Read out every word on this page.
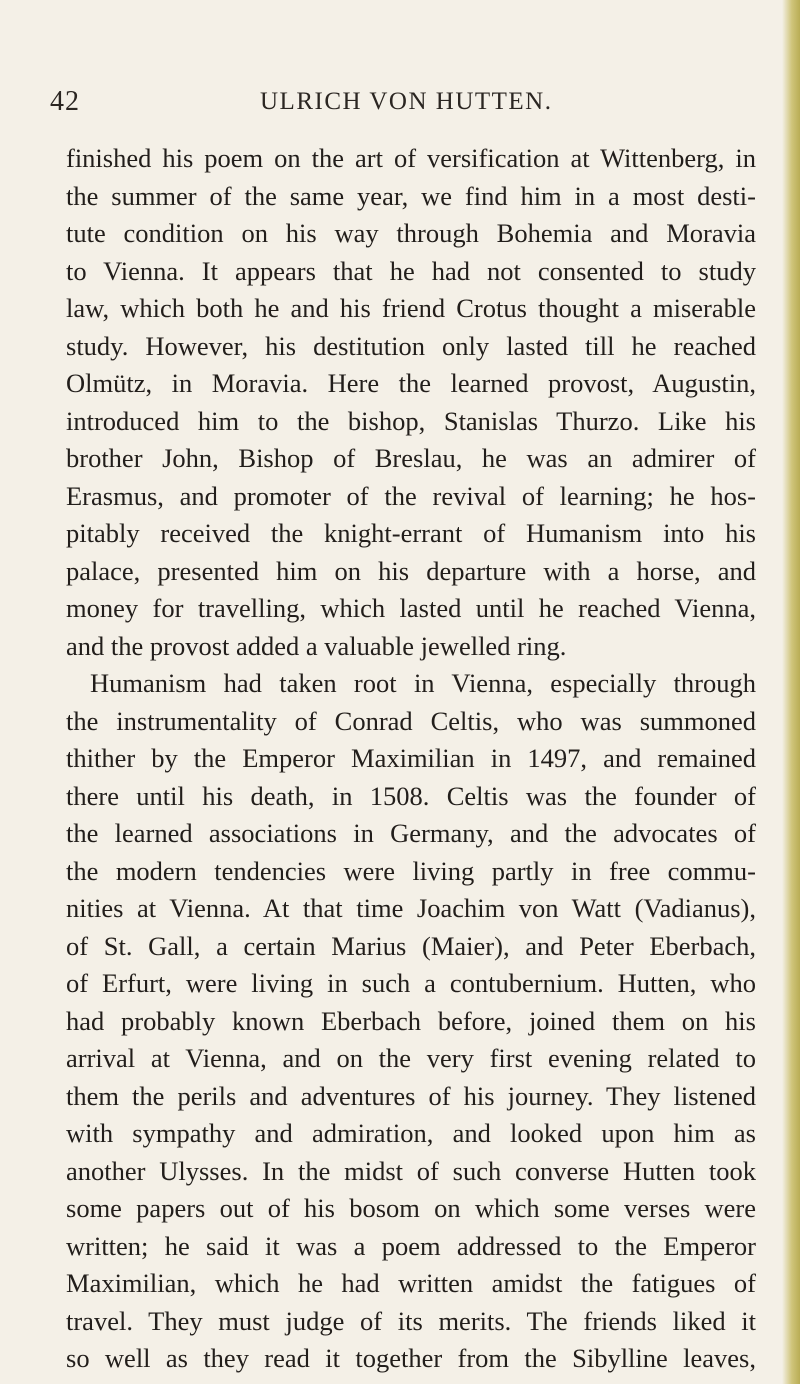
42	ULRICH VON HUTTEN.
finished his poem on the art of versification at Wittenberg, in
the summer of the same year, we find him in a most desti-
tute condition on his way through Bohemia and Moravia
to Vienna. It appears that he had not consented to study
law, which both he and his friend Crotus thought a miserable
study. However, his destitution only lasted till he reached
Olmütz, in Moravia. Here the learned provost, Augustin,
introduced him to the bishop, Stanislas Thurzo. Like his
brother John, Bishop of Breslau, he was an admirer of
Erasmus, and promoter of the revival of learning; he hos-
pitably received the knight-errant of Humanism into his
palace, presented him on his departure with a horse, and
money for travelling, which lasted until he reached Vienna,
and the provost added a valuable jewelled ring.
Humanism had taken root in Vienna, especially through
the instrumentality of Conrad Celtis, who was summoned
thither by the Emperor Maximilian in 1497, and remained
there until his death, in 1508. Celtis was the founder of
the learned associations in Germany, and the advocates of
the modern tendencies were living partly in free commu-
nities at Vienna. At that time Joachim von Watt (Vadianus),
of St. Gall, a certain Marius (Maier), and Peter Eberbach,
of Erfurt, were living in such a contubernium. Hutten, who
had probably known Eberbach before, joined them on his
arrival at Vienna, and on the very first evening related to
them the perils and adventures of his journey. They listened
with sympathy and admiration, and looked upon him as
another Ulysses. In the midst of such converse Hutten took
some papers out of his bosom on which some verses were
written; he said it was a poem addressed to the Emperor
Maximilian, which he had written amidst the fatigues of
travel. They must judge of its merits. The friends liked it
so well as they read it together from the Sibylline leaves,
